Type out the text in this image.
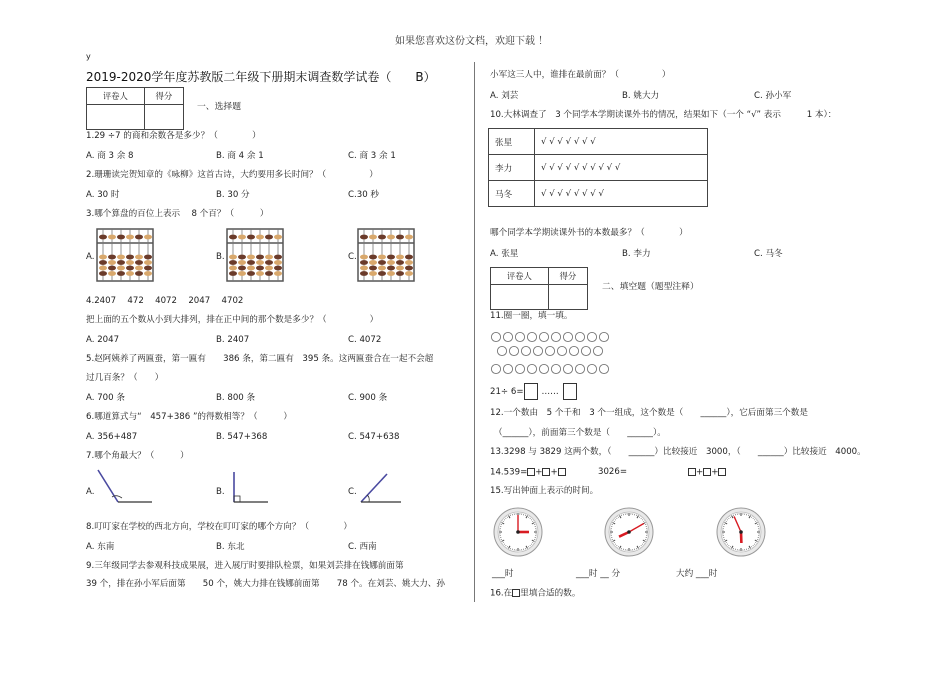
如果您喜欢这份文档，欢迎下载 ！
y
2019-2020学年度苏教版二年级下册期末调查数学试卷（ B）
评卷人	得分

一、选择题
1.29 ÷7 的商和余数各是多少？（　　　　）
A. 商 3 余 8	B. 商 4 余 1	C. 商 3 余 1
2.珊珊读完贺知章的《咏柳》这首古诗，大约要用多长时间？（　　　　　）
A. 30 时	B. 30 分	C.30 秒
3.哪个算盘的百位上表示　 8 个百？（　　　）
A.	B.	C.
4.2407　 472　 4072　 2047　 4702
把上面的五个数从小到大排列，排在正中间的那个数是多少？（　　　　　）
A. 2047	B. 2407	C. 4072
5.赵阿姨养了两匾蚕，第一匾有　　386 条，第二匾有　395 条。这两匾蚕合在一起不会超
过几百条？（　　）
A. 700 条	B. 800 条	C. 900 条
6.哪道算式与“　457+386 ”的得数相等？（　　　）
A. 356+487	B. 547+368	C. 547+638
7.哪个角最大？（　　　）
A.	B.	C.
8.叮叮家在学校的西北方向，学校在叮叮家的哪个方向？（　　　　）
A. 东南	B. 东北	C. 西南
9.三年级同学去参观科技成果展，进入展厅时要排队检票，如果刘芸排在钱娜前面第
39 个，排在孙小军后面第　　50 个，姚大力排在钱娜前面第　　78 个。在刘芸、姚大力、孙
小军这三人中，谁排在最前面？（　　　　　）
A. 刘芸	B. 姚大力	C. 孙小军
10.大林调查了　3 个同学本学期读课外书的情况，结果如下（一个 “√” 表示　　　1 本）：
张星	√ √ √ √ √ √ √
李力	√ √ √ √ √ √ √ √ √ √
马冬	√ √ √ √ √ √ √ √
哪个同学本学期读课外书的本数最多？（　　　　）
A. 张星	B. 李力	C. 马冬
评卷人	得分

二、填空题（题型注释）
11.圈一圈，填一填。
21÷ 6= ……
12.一个数由　5 个千和　3 个一组成，这个数是（　　______），它后面第三个数是
（______），前面第三个数是（　　______）。
13.3298 与 3829 这两个数，（　　______）比较接近　3000，（　　______）比较接近　4000。
14.539= + +	3026=	+ +
15.写出钟面上表示的时间。
___时	___时 __ 分	大约 ___时
16.在 里填合适的数。
